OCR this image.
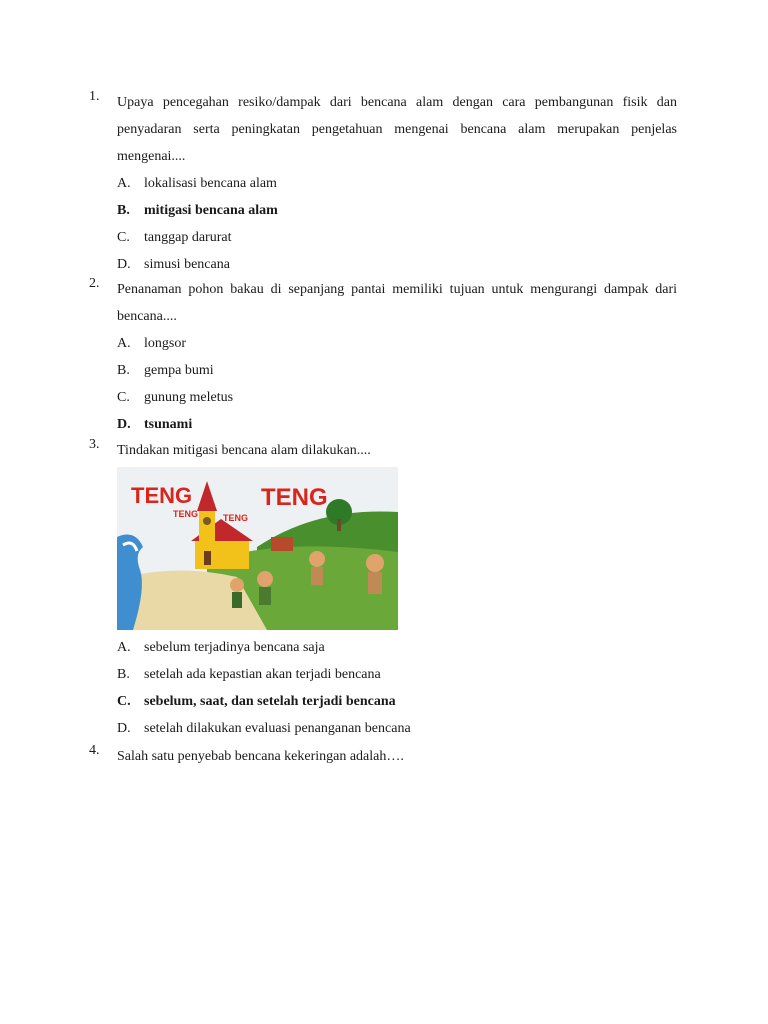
1.	Upaya pencegahan resiko/dampak dari bencana alam dengan cara pembangunan fisik dan penyadaran serta peningkatan pengetahuan mengenai bencana alam merupakan penjelas mengenai....
A. lokalisasi bencana alam
B.	mitigasi bencana alam
C.	tanggap darurat
D. simusi bencana
2.	Penanaman pohon bakau di sepanjang pantai memiliki tujuan untuk mengurangi dampak dari bencana....
A. longsor
B.	gempa bumi
C.	gunung meletus
D. tsunami
3.	Tindakan mitigasi bencana alam dilakukan....
TENG
TENG	TENG
TENG
A. sebelum terjadinya bencana saja
B.	setelah ada kepastian akan terjadi bencana
C. sebelum, saat, dan setelah terjadi bencana
D. setelah dilakukan evaluasi penanganan bencana
4.	Salah satu penyebab bencana kekeringan adalah….
